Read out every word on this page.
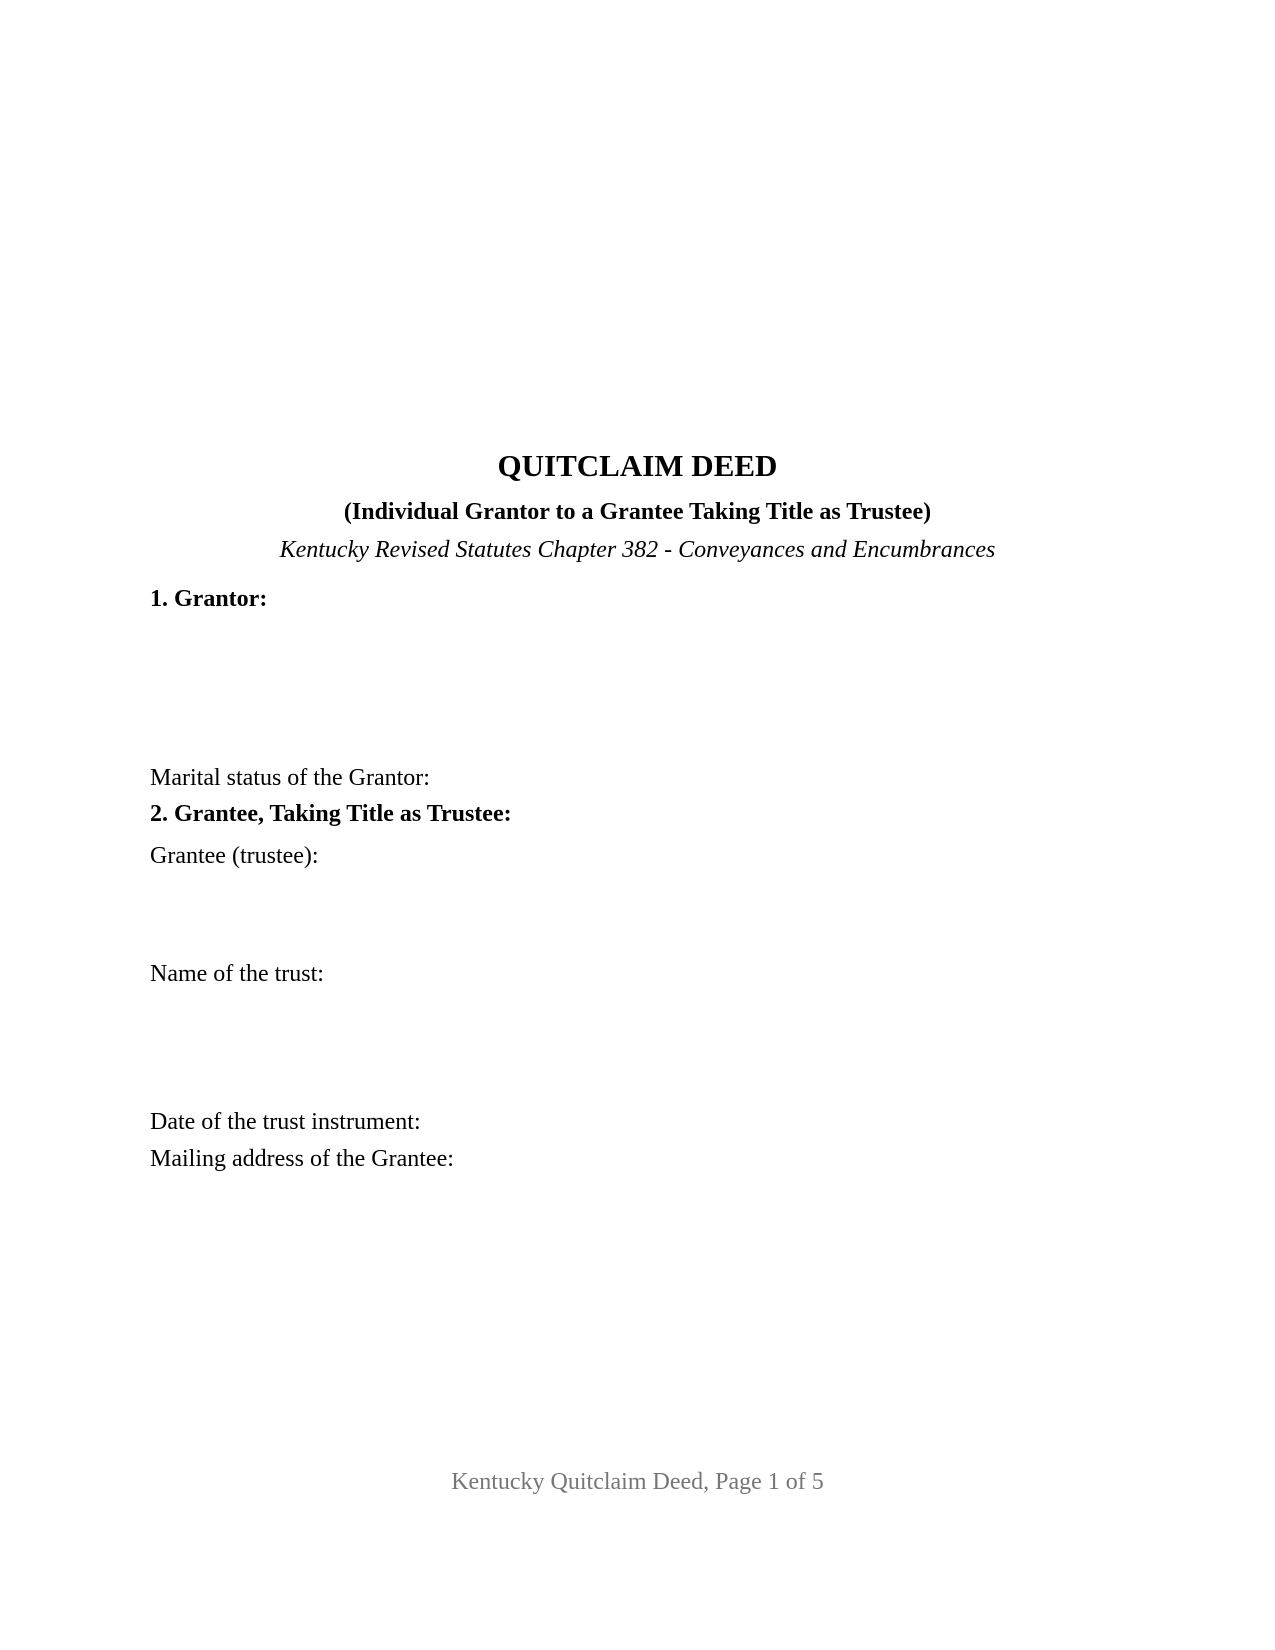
QUITCLAIM DEED
(Individual Grantor to a Grantee Taking Title as Trustee)
Kentucky Revised Statutes Chapter 382 - Conveyances and Encumbrances
1. Grantor:
Marital status of the Grantor:
2. Grantee, Taking Title as Trustee:
Grantee (trustee):
Name of the trust:
Date of the trust instrument:
Mailing address of the Grantee:
Kentucky Quitclaim Deed, Page 1 of 5
